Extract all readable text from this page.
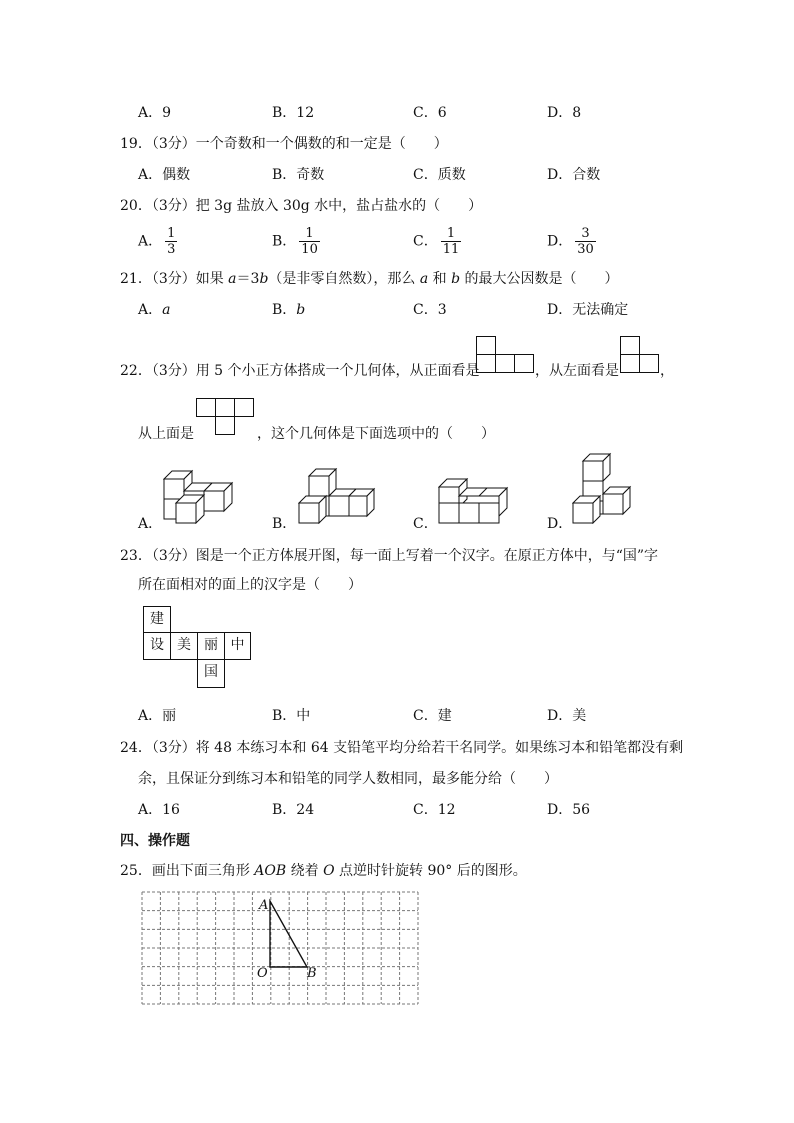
A．9	B．12	C．6	D．8
19．（3分）一个奇数和一个偶数的和一定是（　　）
A．偶数	B．奇数	C．质数	D．合数
20．（3分）把 3g 盐放入 30g 水中，盐占盐水的（　　）
A． $\frac{1}{3}$	B． $\frac{1}{10}$	C． $\frac{1}{11}$	D． $\frac{3}{30}$
21．（3分）如果 a＝3b（是非零自然数），那么 a 和 b 的最大公因数是（　　）
A．a	B．b	C．3	D．无法确定
22．（3分）用 5 个小正方体搭成一个几何体，从正面看是	，从左面看是	，
从上面是	，这个几何体是下面选项中的（　　）
A．	B．	C．	D．
23．（3分）图是一个正方体展开图，每一面上写着一个汉字。在原正方体中，与“国”字
所在面相对的面上的汉字是（　　）
建
设 美 丽 中
国
A．丽	B．中	C．建	D．美
24．（3分）将 48 本练习本和 64 支铅笔平均分给若干名同学。如果练习本和铅笔都没有剩
余，且保证分到练习本和铅笔的同学人数相同，最多能分给（　　）
A．16	B．24	C．12	D．56
四、操作题
25．画出下面三角形 AOB 绕着 O 点逆时针旋转 90° 后的图形。
A
O	B
